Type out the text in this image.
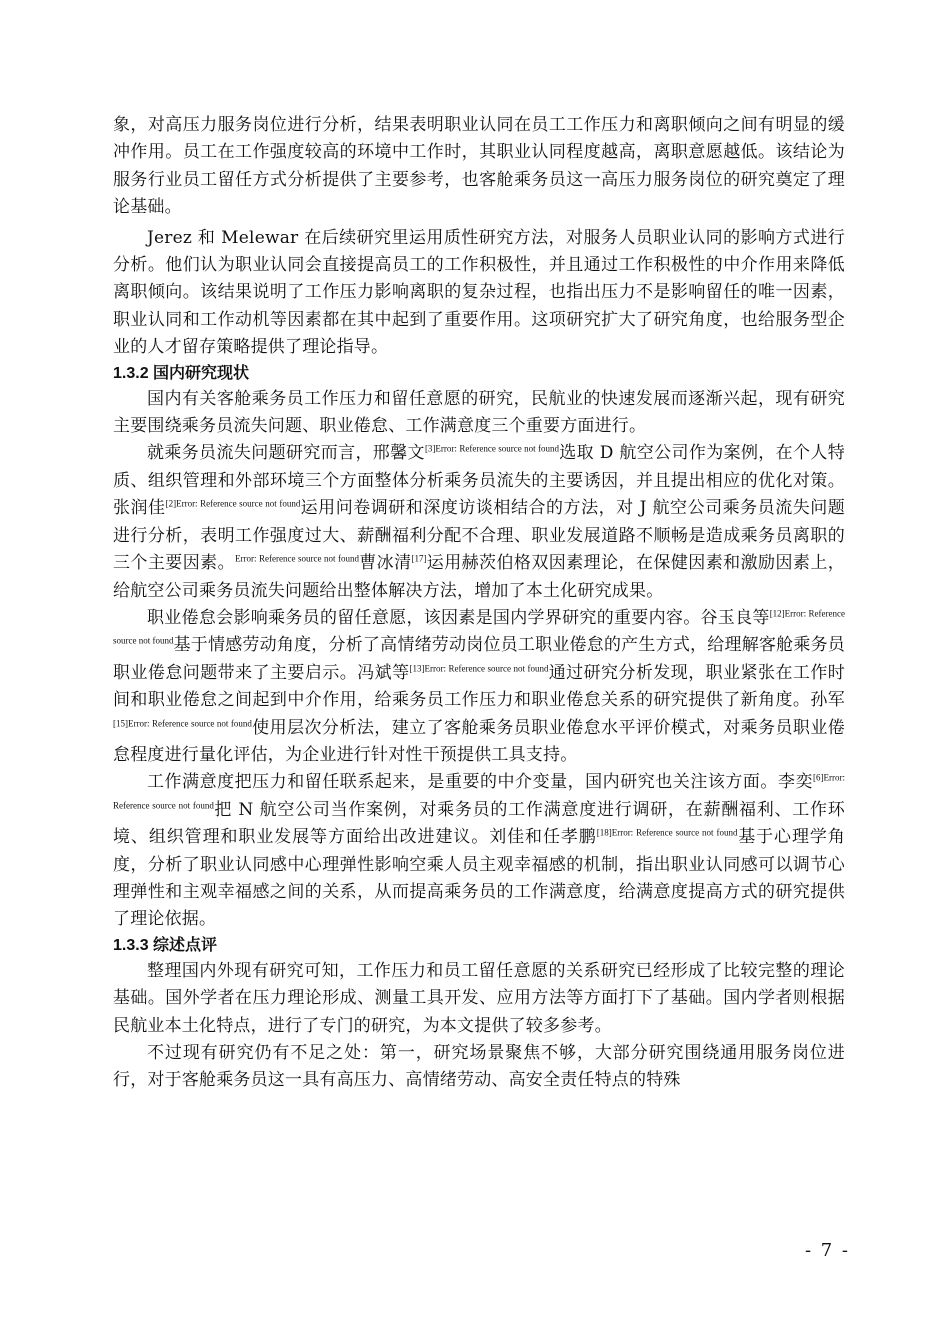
象，对高压力服务岗位进行分析，结果表明职业认同在员工工作压力和离职倾向之间有明显的缓冲作用。员工在工作强度较高的环境中工作时，其职业认同程度越高，离职意愿越低。该结论为服务行业员工留任方式分析提供了主要参考，也客舱乘务员这一高压力服务岗位的研究奠定了理论基础。

Jerez 和 Melewar 在后续研究里运用质性研究方法，对服务人员职业认同的影响方式进行分析。他们认为职业认同会直接提高员工的工作积极性，并且通过工作积极性的中介作用来降低离职倾向。该结果说明了工作压力影响离职的复杂过程，也指出压力不是影响留任的唯一因素，职业认同和工作动机等因素都在其中起到了重要作用。这项研究扩大了研究角度，也给服务型企业的人才留存策略提供了理论指导。

1.3.2 国内研究现状

国内有关客舱乘务员工作压力和留任意愿的研究，民航业的快速发展而逐渐兴起，现有研究主要围绕乘务员流失问题、职业倦怠、工作满意度三个重要方面进行。

就乘务员流失问题研究而言，邢馨文$^{[3]Error: Reference source not found}$选取 D 航空公司作为案例，在个人特质、组织管理和外部环境三个方面整体分析乘务员流失的主要诱因，并且提出相应的优化对策。张润佳$^{[2]Error: Reference source not found}$运用问卷调研和深度访谈相结合的方法，对 J 航空公司乘务员流失问题进行分析，表明工作强度过大、薪酬福利分配不合理、职业发展道路不顺畅是造成乘务员离职的三个主要因素。$^{Error: Reference source not found}$曹冰清[17]运用赫茨伯格双因素理论，在保健因素和激励因素上，给航空公司乘务员流失问题给出整体解决方法，增加了本土化研究成果。

职业倦怠会影响乘务员的留任意愿，该因素是国内学界研究的重要内容。谷玉良等$^{[12]Error: Reference source not found}$基于情感劳动角度，分析了高情绪劳动岗位员工职业倦怠的产生方式，给理解客舱乘务员职业倦怠问题带来了主要启示。冯斌等$^{[13]Error: Reference source not found}$通过研究分析发现，职业紧张在工作时间和职业倦怠之间起到中介作用，给乘务员工作压力和职业倦怠关系的研究提供了新角度。孙军$^{[15]Error: Reference source not found}$使用层次分析法，建立了客舱乘务员职业倦怠水平评价模式，对乘务员职业倦怠程度进行量化评估，为企业进行针对性干预提供工具支持。

工作满意度把压力和留任联系起来，是重要的中介变量，国内研究也关注该方面。李奕$^{[6]Error: Reference source not found}$把 N 航空公司当作案例，对乘务员的工作满意度进行调研，在薪酬福利、工作环境、组织管理和职业发展等方面给出改进建议。刘佳和任孝鹏$^{[18]Error: Reference source not found}$基于心理学角度，分析了职业认同感中心理弹性影响空乘人员主观幸福感的机制，指出职业认同感可以调节心理弹性和主观幸福感之间的关系，从而提高乘务员的工作满意度，给满意度提高方式的研究提供了理论依据。

1.3.3 综述点评

整理国内外现有研究可知，工作压力和员工留任意愿的关系研究已经形成了比较完整的理论基础。国外学者在压力理论形成、测量工具开发、应用方法等方面打下了基础。国内学者则根据民航业本土化特点，进行了专门的研究，为本文提供了较多参考。

不过现有研究仍有不足之处：第一，研究场景聚焦不够，大部分研究围绕通用服务岗位进行，对于客舱乘务员这一具有高压力、高情绪劳动、高安全责任特点的特殊

- 7 -
